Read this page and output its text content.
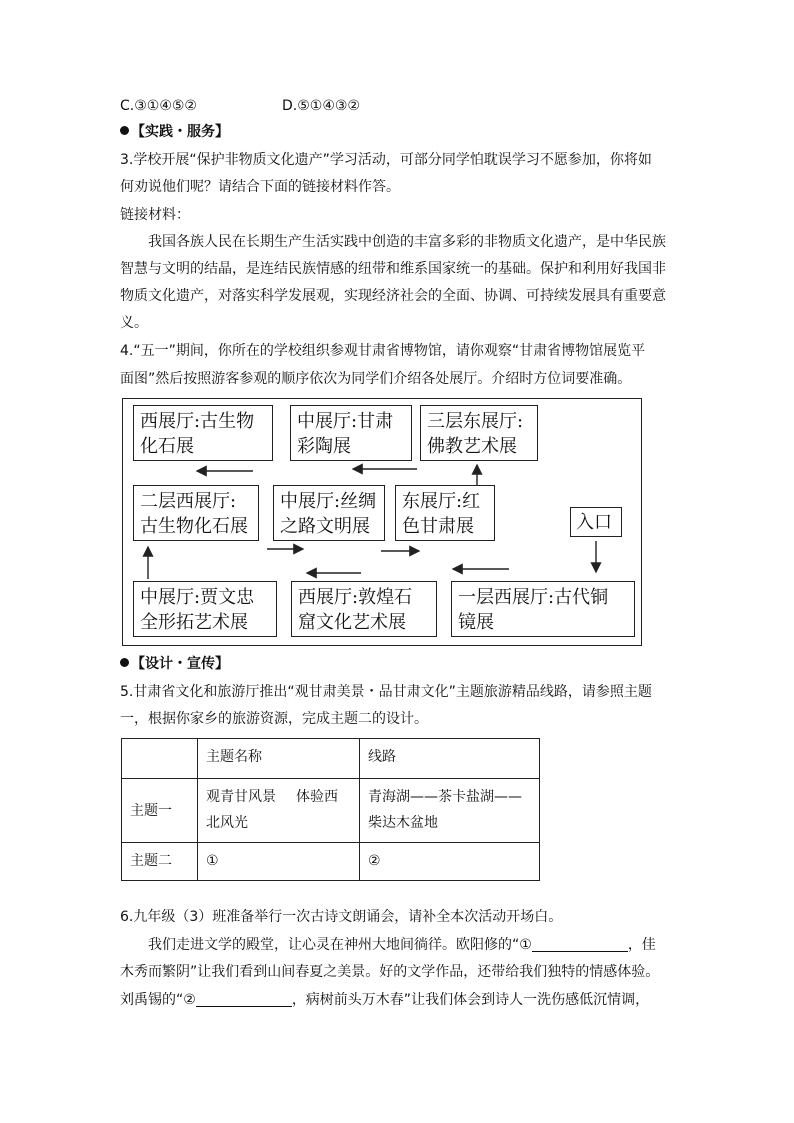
C.③①④⑤②	D.⑤①④③②
【实践・服务】
3.学校开展“保护非物质文化遗产”学习活动，可部分同学怕耽误学习不愿参加，你将如
何劝说他们呢？请结合下面的链接材料作答。
链接材料：
我国各族人民在长期生产生活实践中创造的丰富多彩的非物质文化遗产，是中华民族
智慧与文明的结晶，是连结民族情感的纽带和维系国家统一的基础。保护和利用好我国非
物质文化遗产，对落实科学发展观，实现经济社会的全面、协调、可持续发展具有重要意
义。
4.“五一”期间，你所在的学校组织参观甘肃省博物馆，请你观察“甘肃省博物馆展览平
面图”然后按照游客参观的顺序依次为同学们介绍各处展厅。介绍时方位词要准确。
西展厅:古生物
化石展
中展厅:甘肃
彩陶展
三层东展厅:
佛教艺术展
二层西展厅:
古生物化石展
中展厅:丝绸
之路文明展
东展厅:红
色甘肃展	入口
中展厅:贾文忠
全形拓艺术展
西展厅:敦煌石
窟文化艺术展
一层西展厅:古代铜
镜展
【设计・宣传】
5.甘肃省文化和旅游厅推出“观甘肃美景・品甘肃文化”主题旅游精品线路，请参照主题
一，根据你家乡的旅游资源，完成主题二的设计。
	主题名称	线路
主题一	观青甘风景 体验西
北风光	青海湖——茶卡盐湖——
柴达木盆地
主题二	①	②
6.九年级（3）班准备举行一次古诗文朗诵会，请补全本次活动开场白。
我们走进文学的殿堂，让心灵在神州大地间徜徉。欧阳修的“①	，佳
木秀而繁阴”让我们看到山间春夏之美景。好的文学作品，还带给我们独特的情感体验。
刘禹锡的“②	，病树前头万木春”让我们体会到诗人一洗伤感低沉情调，
